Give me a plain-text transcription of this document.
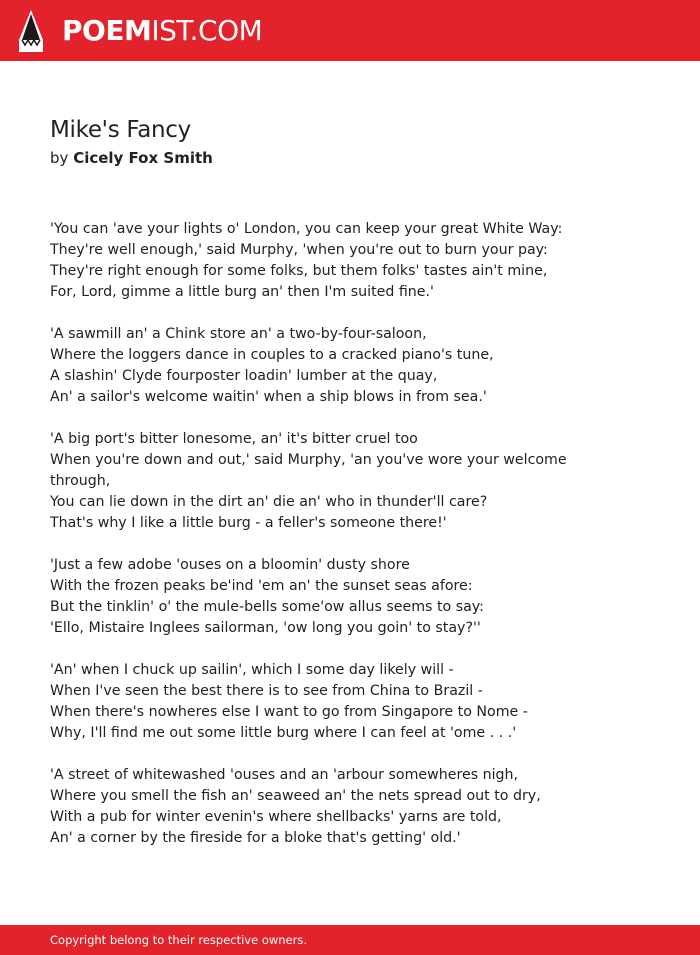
POEMIST.COM
Mike's Fancy
by Cicely Fox Smith
'You can 'ave your lights o' London, you can keep your great White Way:
They're well enough,' said Murphy, 'when you're out to burn your pay:
They're right enough for some folks, but them folks' tastes ain't mine,
For, Lord, gimme a little burg an' then I'm suited fine.'
'A sawmill an' a Chink store an' a two-by-four-saloon,
Where the loggers dance in couples to a cracked piano's tune,
A slashin' Clyde fourposter loadin' lumber at the quay,
An' a sailor's welcome waitin' when a ship blows in from sea.'
'A big port's bitter lonesome, an' it's bitter cruel too
When you're down and out,' said Murphy, 'an you've wore your welcome
through,
You can lie down in the dirt an' die an' who in thunder'll care?
That's why I like a little burg - a feller's someone there!'
'Just a few adobe 'ouses on a bloomin' dusty shore
With the frozen peaks be'ind 'em an' the sunset seas afore:
But the tinklin' o' the mule-bells some'ow allus seems to say:
'Ello, Mistaire Inglees sailorman, 'ow long you goin' to stay?''
'An' when I chuck up sailin', which I some day likely will -
When I've seen the best there is to see from China to Brazil -
When there's nowheres else I want to go from Singapore to Nome -
Why, I'll find me out some little burg where I can feel at 'ome . . .'
'A street of whitewashed 'ouses and an 'arbour somewheres nigh,
Where you smell the fish an' seaweed an' the nets spread out to dry,
With a pub for winter evenin's where shellbacks' yarns are told,
An' a corner by the fireside for a bloke that's getting' old.'
Copyright belong to their respective owners.
